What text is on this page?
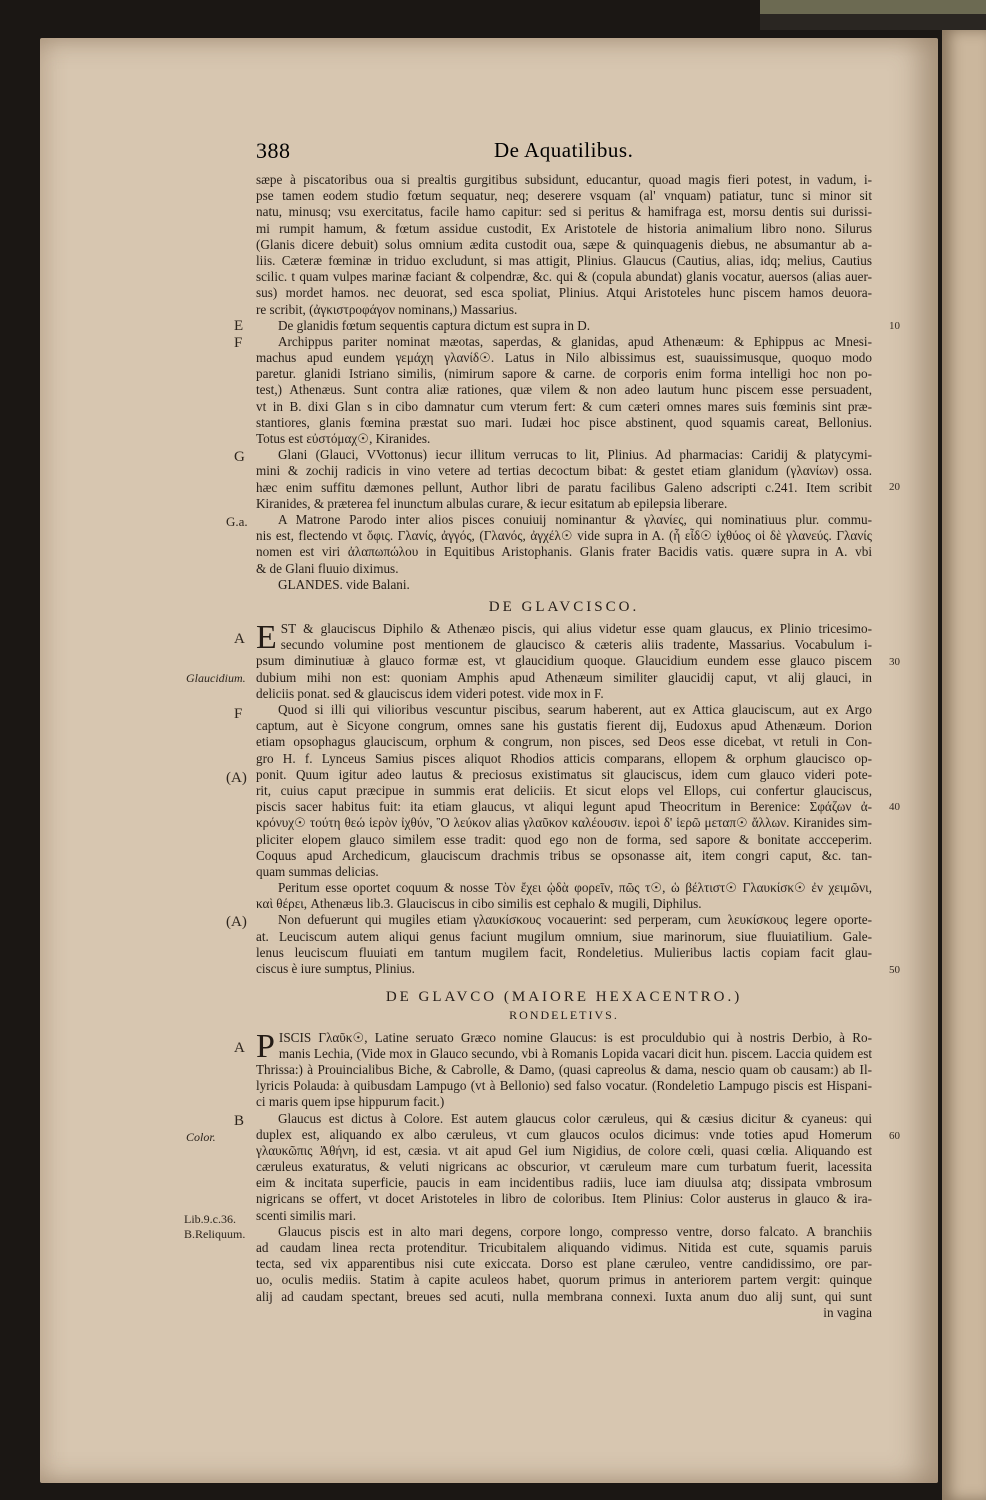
388	De Aquatilibus.
sæpe à piscatoribus oua si prealtis gurgitibus subsidunt, educantur, quoad magis fieri potest, in vadum, i-
pse tamen eodem studio fœtum sequatur, neq; deserere vsquam (al' vnquam) patiatur, tunc si minor sit
natu, minusq; vsu exercitatus, facile hamo capitur: sed si peritus & hamifraga est, morsu dentis sui durissi-
mi rumpit hamum, & fœtum assidue custodit, Ex Aristotele de historia animalium libro nono. Silurus
(Glanis dicere debuit) solus omnium ædita custodit oua, sæpe & quinquagenis diebus, ne absumantur ab a-
liis. Cæteræ fœminæ in triduo excludunt, si mas attigit, Plinius. Glaucus (Cautius, alias, idq; melius, Cautius
scilic. t quam vulpes marinæ faciant & colpendræ, &c. qui & (copula abundat) glanis vocatur, auersos (alias auer-
sus) mordet hamos. nec deuorat, sed esca spoliat, Plinius. Atqui Aristoteles hunc piscem hamos deuora-
re scribit, (ἀγκιστροφάγον nominans,) Massarius.
E
F
10
De glanidis fœtum sequentis captura dictum est supra in D.
Archippus pariter nominat mæotas, saperdas, & glanidas, apud Athenæum: & Ephippus ac Mnesi-
machus apud eundem γεμάχη γλανίδ☉. Latus in Nilo albissimus est, suauissimusque, quoquo modo
paretur. glanidi Istriano similis, (nimirum sapore & carne. de corporis enim forma intelligi hoc non po-
test,) Athenæus. Sunt contra aliæ rationes, quæ vilem & non adeo lautum hunc piscem esse persuadent,
vt in B. dixi Glan s in cibo damnatur cum vterum fert: & cum cæteri omnes mares suis fœminis sint præ-
stantiores, glanis fœmina præstat suo mari. Iudæi hoc pisce abstinent, quod squamis careat, Bellonius.
Totus est εὐστόμαχ☉, Kiranides.
G
20
Glani (Glauci, VVottonus) iecur illitum verrucas to lit, Plinius. Ad pharmacias: Caridij & platycymi-
mini & zochij radicis in vino vetere ad tertias decoctum bibat: & gestet etiam glanidum (γλανίων) ossa.
hæc enim suffitu dæmones pellunt, Author libri de paratu facilibus Galeno adscripti c.241. Item scribit
Kiranides, & præterea fel inunctum albulas curare, & iecur esitatum ab epilepsia liberare.
G.a.	A Matrone Parodo inter alios pisces conuiuij nominantur & γλανίες, qui nominatiuus plur. commu-
nis est, flectendo vt ὄφις. Γλανίς, ἀγγός, (Γλανός, ἀγχέλ☉ vide supra in A. (ἧ εἶδ☉ ἰχθύος οἱ δὲ γλανεύς. Γλανίς
nomen est viri ἀλαπωπώλου in Equitibus Aristophanis. Glanis frater Bacidis vatis. quære supra in A. vbi
& de Glani fluuio diximus.
GLANDES. vide Balani.
DE GLAVCISCO.
A
Glaucidium.
30
E ST & glauciscus Diphilo & Athenæo piscis, qui alius videtur esse quam glaucus, ex Plinio tricesimo-
secundo volumine post mentionem de glaucisco & cæteris aliis tradente, Massarius. Vocabulum i-
psum diminutiuæ à glauco formæ est, vt glaucidium quoque. Glaucidium eundem esse glauco piscem
dubium mihi non est: quoniam Amphis apud Athenæum similiter glaucidij caput, vt alij glauci, in
deliciis ponat. sed & glauciscus idem videri potest. vide mox in F.
F
(A)
40
Quod si illi qui vilioribus vescuntur piscibus, searum haberent, aut ex Attica glauciscum, aut ex Argo
captum, aut è Sicyone congrum, omnes sane his gustatis fierent dij, Eudoxus apud Athenæum. Dorion
etiam opsophagus glauciscum, orphum & congrum, non pisces, sed Deos esse dicebat, vt retuli in Con-
gro H. f. Lynceus Samius pisces aliquot Rhodios atticis comparans, ellopem & orphum glaucisco op-
ponit. Quum igitur adeo lautus & preciosus existimatus sit glauciscus, idem cum glauco videri pote-
rit, cuius caput præcipue in summis erat deliciis. Et sicut elops vel Ellops, cui confertur glauciscus,
piscis sacer habitus fuit: ita etiam glaucus, vt aliqui legunt apud Theocritum in Berenice: Σφάζων ἀ-
κρόνυχ☉ τούτη θεώ ἱερὸν ἰχθύν, Ὃ λεύκον alias γλαῦκον καλέουσιν. ἱεροὶ δ' ἱερῶ μεταπ☉ ἄλλων. Kiranides sim-
pliciter elopem glauco similem esse tradit: quod ego non de forma, sed sapore & bonitate accceperim.
Coquus apud Archedicum, glauciscum drachmis tribus se opsonasse ait, item congri caput, &c. tan-
quam summas delicias.
Peritum esse oportet coquum & nosse Τὸν ἔχει ᾠδὰ φορεῖν, πῶς τ☉, ὡ βέλτιστ☉ Γλαυκίσκ☉ ἐν χειμῶνι,
καὶ θέρει, Athenæus lib.3. Glauciscus in cibo similis est cephalo & mugili, Diphilus.
(A)
50
Non defuerunt qui mugiles etiam γλαυκίσκους vocauerint: sed perperam, cum λευκίσκους legere oporte-
at. Leuciscum autem aliqui genus faciunt mugilum omnium, siue marinorum, siue fluuiatilium. Gale-
lenus leuciscum fluuiati em tantum mugilem facit, Rondeletius. Mulieribus lactis copiam facit glau-
ciscus è iure sumptus, Plinius.
DE GLAVCO (MAIORE HEXACENTRO.)
RONDELETIVS.
A P ISCIS Γλαῦκ☉, Latine seruato Græco nomine Glaucus: is est proculdubio qui à nostris Derbio, à Ro-
manis Lechia, (Vide mox in Glauco secundo, vbi à Romanis Lopida vacari dicit hun. piscem. Laccia quidem est
Thrissa:) à Prouincialibus Biche, & Cabrolle, & Damo, (quasi capreolus & dama, nescio quam ob causam:) ab Il-
lyricis Polauda: à quibusdam Lampugo (vt à Bellonio) sed falso vocatur. (Rondeletio Lampugo piscis est Hispani-
ci maris quem ipse hippurum facit.)
B
Color.	60
Glaucus est dictus à Colore. Est autem glaucus color cæruleus, qui & cæsius dicitur & cyaneus: qui
duplex est, aliquando ex albo cæruleus, vt cum glaucos oculos dicimus: vnde toties apud Homerum
γλαυκῶπις Ἀθήνη, id est, cæsia. vt ait apud Gel ium Nigidius, de colore cœli, quasi cœlia. Aliquando est
cæruleus exaturatus, & veluti nigricans ac obscurior, vt cæruleum mare cum turbatum fuerit, lacessita
eim & incitata superficie, paucis in eam incidentibus radiis, luce iam diuulsa atq; dissipata vmbrosum
nigricans se offert, vt docet Aristoteles in libro de coloribus. Item Plinius: Color austerus in glauco & ira-
scenti similis mari.
Lib.9.c.36.
B.Reliquum.	Glaucus piscis est in alto mari degens, corpore longo, compresso ventre, dorso falcato. A branchiis
ad caudam linea recta protenditur. Tricubitalem aliquando vidimus. Nitida est cute, squamis paruis
tecta, sed vix apparentibus nisi cute exiccata. Dorso est plane cæruleo, ventre candidissimo, ore par-
uo, oculis mediis. Statim à capite aculeos habet, quorum primus in anteriorem partem vergit: quinque
alij ad caudam spectant, breues sed acuti, nulla membrana connexi. Iuxta anum duo alij sunt, qui sunt
in vagina
